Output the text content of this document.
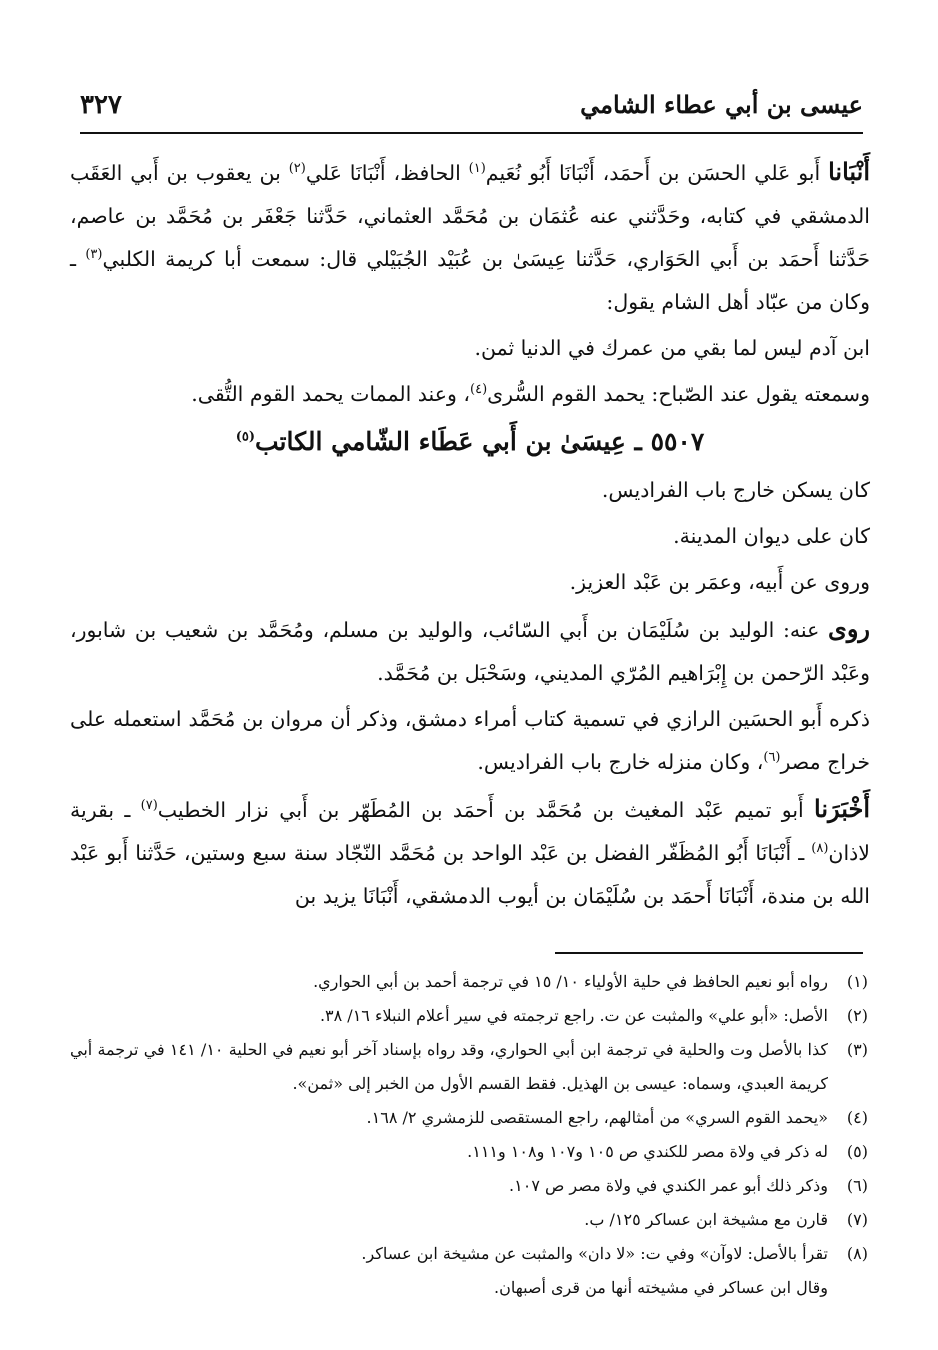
عيسى بن أبي عطاء الشامي
٣٢٧

أَنْبَانا أَبو عَلي الحسَن بن أَحمَد، أَنْبَانَا أَبُو نُعَيم$^{(١)}$ الحافظ، أَنْبَانَا عَلي$^{(٢)}$ بن يعقوب بن أَبي العَقَب الدمشقي في كتابه، وحَدَّثني عنه عُثمَان بن مُحَمَّد العثماني، حَدَّثنا جَعْفَر بن مُحَمَّد بن عاصم، حَدَّثنا أَحمَد بن أَبي الحَوَاري، حَدَّثنا عِيسَىٰ بن عُبَيْد الجُبَيْلي قال: سمعت أبا كريمة الكلبي$^{(٣)}$ ـ وكان من عبّاد أهل الشام يقول:

ابن آدم ليس لما بقي من عمرك في الدنيا ثمن.

وسمعته يقول عند الصّباح: يحمد القوم السُّرى$^{(٤)}$، وعند الممات يحمد القوم التُّقى.

٥٥٠٧ ـ عِيسَىٰ بن أَبي عَطَاء الشّامي الكاتب$^{(٥)}$

كان يسكن خارج باب الفراديس.

كان على ديوان المدينة.

وروى عن أَبيه، وعمَر بن عَبْد العزيز.

روى عنه: الوليد بن سُلَيْمَان بن أَبي السّائب، والوليد بن مسلم، ومُحَمَّد بن شعيب بن شابور، وعَبْد الرّحمن بن إِبْرَاهيم المُرّي المديني، وسَحْبَل بن مُحَمَّد.

ذكره أَبو الحسَين الرازي في تسمية كتاب أمراء دمشق، وذكر أن مروان بن مُحَمَّد استعمله على خراج مصر$^{(٦)}$، وكان منزله خارج باب الفراديس.

أَخْبَرَنا أَبو تميم عَبْد المغيث بن مُحَمَّد بن أَحمَد بن المُطَهّر بن أَبي نزار الخطيب$^{(٧)}$ ـ بقرية لاذان$^{(٨)}$ ـ أَنْبَانَا أَبُو المُظَفّر الفضل بن عَبْد الواحد بن مُحَمَّد النّجّاد سنة سبع وستين، حَدَّثنا أَبو عَبْد الله بن مندة، أَنْبَانَا أَحمَد بن سُلَيْمَان بن أيوب الدمشقي، أَنْبَانَا يزيد بن

(١)
رواه أبو نعيم الحافظ في حلية الأولياء ١٠/ ١٥ في ترجمة أحمد بن أبي الحواري.
(٢)
الأصل: «أبو علي» والمثبت عن ت. راجع ترجمته في سير أعلام النبلاء ١٦/ ٣٨.
(٣)
كذا بالأصل وت والحلية في ترجمة ابن أبي الحواري، وقد رواه بإسناد آخر أبو نعيم في الحلية ١٠/ ١٤١ في ترجمة أبي كريمة العبدي، وسماه: عيسى بن الهذيل. فقط القسم الأول من الخبر إلى «ثمن».
(٤)
«يحمد القوم السري» من أمثالهم، راجع المستقصى للزمشري ٢/ ١٦٨.
(٥)
له ذكر في ولاة مصر للكندي ص ١٠٥ و١٠٧ و١٠٨ و١١١.
(٦)
وذكر ذلك أبو عمر الكندي في ولاة مصر ص ١٠٧.
(٧)
قارن مع مشيخة ابن عساكر ١٢٥/ ب.
(٨)
تقرأ بالأصل: لاوآن» وفي ت: «لا دان» والمثبت عن مشيخة ابن عساكر.
وقال ابن عساكر في مشيخته أنها من قرى أصبهان.
